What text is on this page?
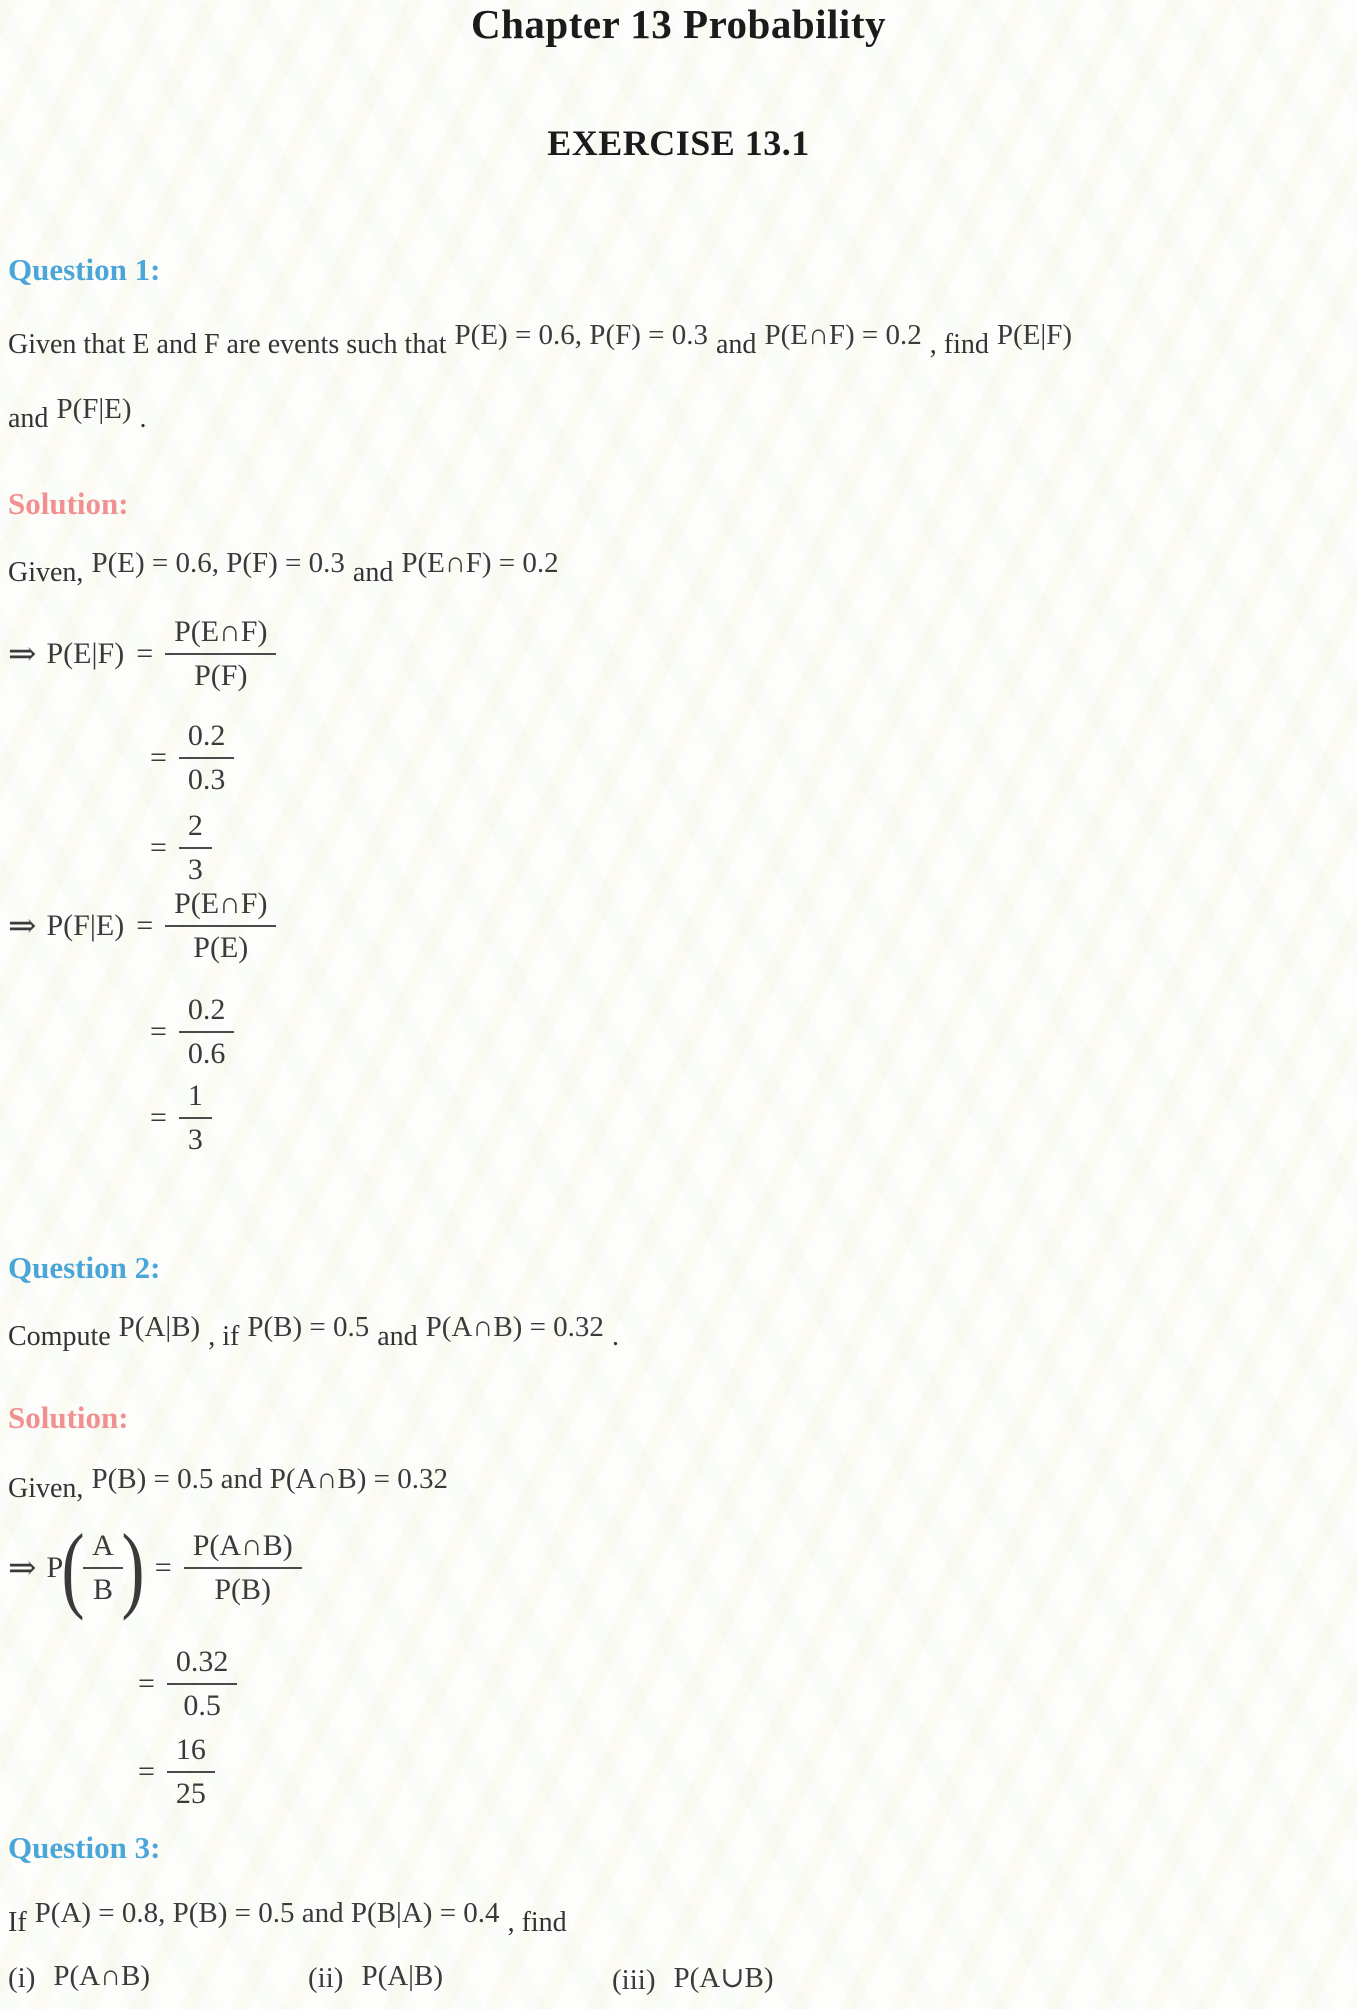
Chapter 13 Probability
EXERCISE 13.1
Question 1:
Given that E and F are events such that P(E) = 0.6, P(F) = 0.3 and P(E∩F) = 0.2 , find P(E|F)
and P(F|E) .
Solution:
Given, P(E) = 0.6, P(F) = 0.3 and P(E∩F) = 0.2
⇒ $P(E|F) = \frac{P(E\cap F)}{P(F)}$
= $\frac{0.2}{0.3}$
= $\frac{2}{3}$
⇒ $P(F|E) = \frac{P(E\cap F)}{P(E)}$
= $\frac{0.2}{0.6}$
= $\frac{1}{3}$
Question 2:
Compute P(A|B) , if P(B) = 0.5 and P(A∩B) = 0.32 .
Solution:
Given, P(B) = 0.5 and P(A∩B) = 0.32
⇒ P
(
$\frac{A}{B}$
) = $\frac{P(A\cap B)}{P(B)}$
= $\frac{0.32}{0.5}$
= $\frac{16}{25}$
Question 3:
If P(A) = 0.8, P(B) = 0.5 and P(B|A) = 0.4 , find
(i) P(A∩B)	(ii) P(A|B)	(iii) P(A∪B)
